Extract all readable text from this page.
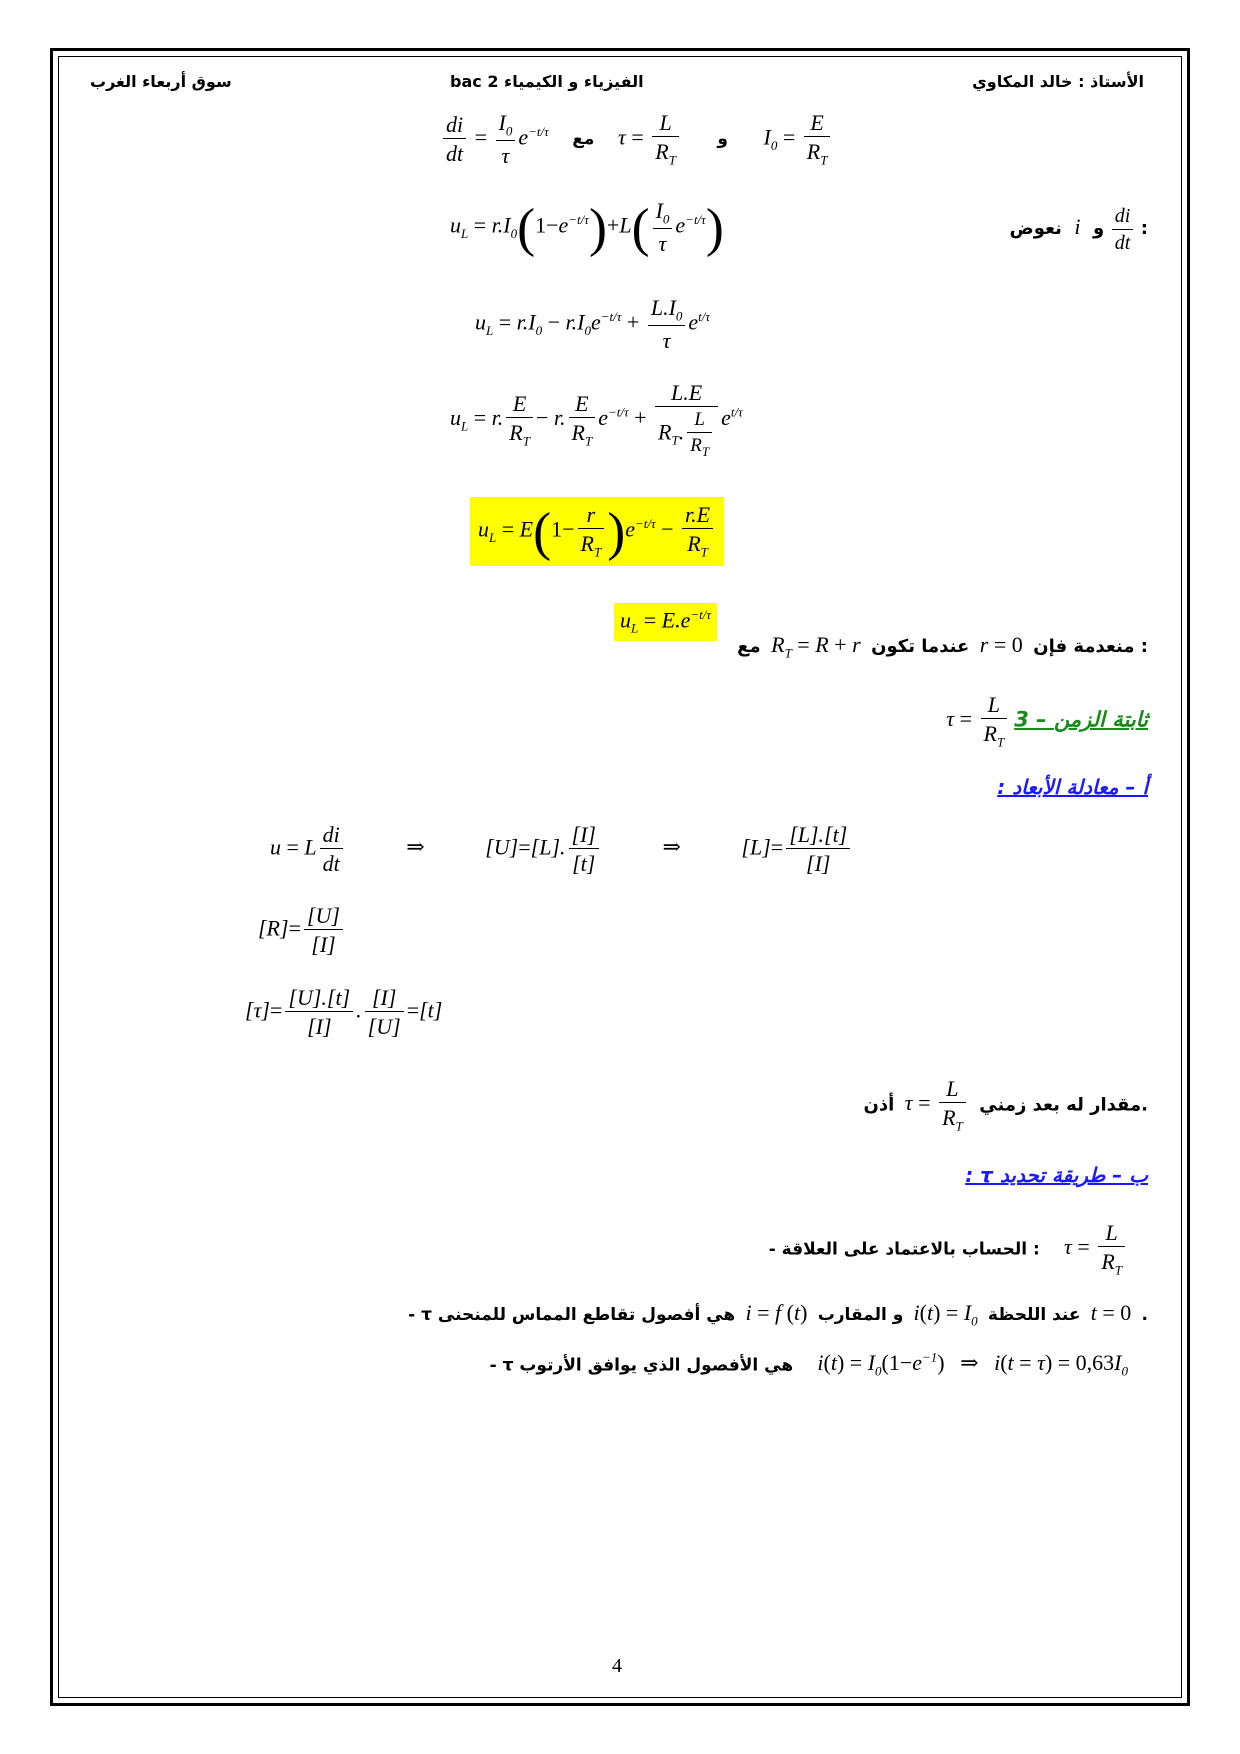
الأستاذ : خالد المكاوي
الفيزياء و الكيمياء 2 bac
سوق أربعاء الغرب
$\frac{di}{dt} = \frac{I_0}{\tau} e^{-t/\tau}$ مع $\tau = \frac{L}{R_T}$ و $I_0 = \frac{E}{R_T}$
$u_L = r.I_0(1-e^{-t/\tau})+L( \frac{I_0}{\tau} e^{-t/\tau})$	نعوض i و $\frac{di}{dt}$ :
$u_L = r.I_0 - r.I_0e^{-t/\tau} + \frac{L.I_0}{\tau} e^{t/\tau}$
$u_L = r$. $\frac{E}{R_T} - r$. $\frac{E}{R_T} e^{-t/\tau} + \frac{L.E}{R_T. \frac{L}{R_T}} e^{t/\tau}$
$u_L = E(1- \frac{r}{R_T} )e^{-t/\tau} - \frac{r.E}{R_T}$
$u_L = E.e^{-t/\tau}$
مع $R_T = R + r$ عندما تكون r = 0 منعدمة فإن :
$\tau = \frac{L}{R_T} 3$ – ثابتة الزمن
أ – معادلة الأبعاد :
u = L $\frac{di}{dt}$	⇒	[U]=[L]. $\frac{[I]}{[t]}$	⇒	$[L]= \frac{[L].[t]}{[I]}$
$[R]= \frac{[U]}{[I]}$
$[\tau]= \frac{[U].[t]}{[I]}$ . $\frac{[I]}{[U]} =[t]$
أذن $\tau = \frac{L}{R_T}$ مقدار له بعد زمني.
ب – طريقة تحديد τ :
- الحساب بالاعتماد على العلاقة : $\tau = \frac{L}{R_T}$
- τ هي أفصول تقاطع المماس للمنحنى i = f (t) و المقارب $i(t) = I_0$ عند اللحظة t = 0 .
- τ هي الأفصول الذي يوافق الأرتوب $i(t) = I_0(1-e^{-1})$ ⇒ $i(t = \tau) = 0,63I_0$
4
